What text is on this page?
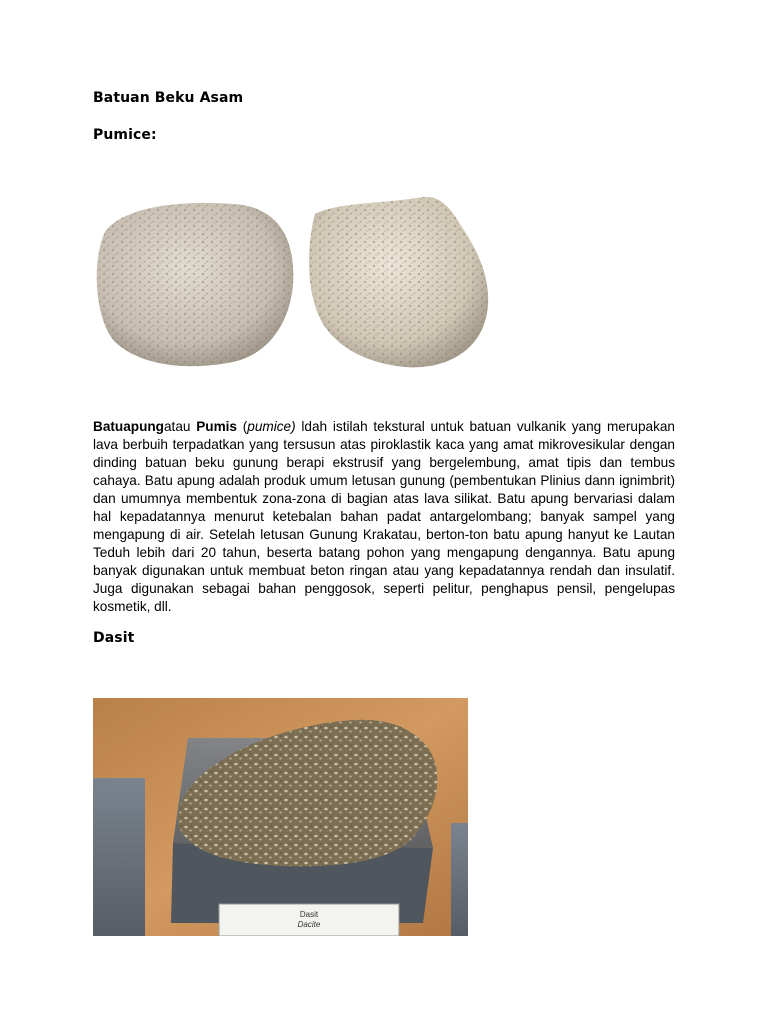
Batuan Beku Asam
Pumice:

Batuapungatau Pumis (pumice) ldah istilah tekstural untuk batuan vulkanik yang merupakan lava berbuih terpadatkan yang tersusun atas piroklastik kaca yang amat mikrovesikular dengan dinding batuan beku gunung berapi ekstrusif yang bergelembung, amat tipis dan tembus cahaya. Batu apung adalah produk umum letusan gunung (pembentukan Plinius dann ignimbrit) dan umumnya membentuk zona-zona di bagian atas lava silikat. Batu apung bervariasi dalam hal kepadatannya menurut ketebalan bahan padat antargelombang; banyak sampel yang mengapung di air. Setelah letusan Gunung Krakatau, berton-ton batu apung hanyut ke Lautan Teduh lebih dari 20 tahun, beserta batang pohon yang mengapung dengannya. Batu apung banyak digunakan untuk membuat beton ringan atau yang kepadatannya rendah dan insulatif. Juga digunakan sebagai bahan penggosok, seperti pelitur, penghapus pensil, pengelupas kosmetik, dll.

Dasit
Dasit
Dacite
